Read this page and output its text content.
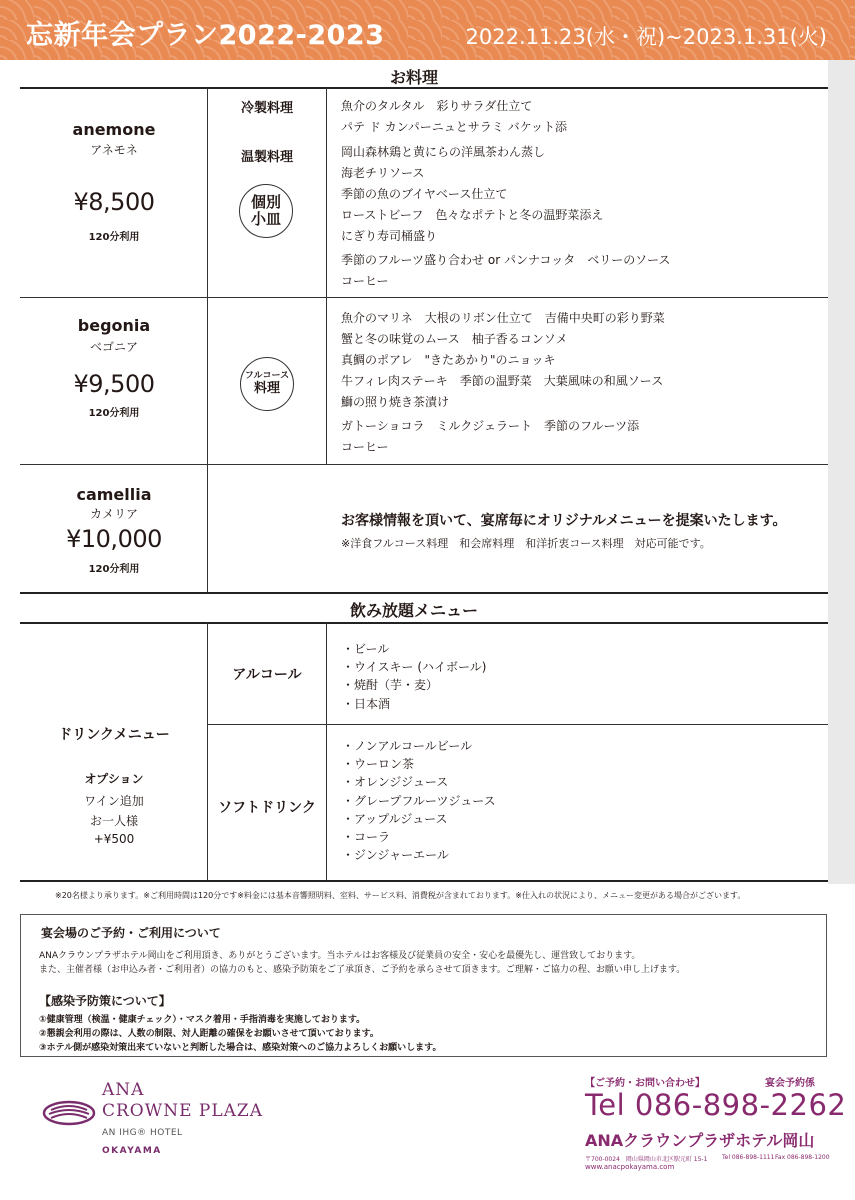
忘新年会プラン2022-2023	2022.11.23(水・祝)~2023.1.31(火)
お料理
anemone
アネモネ
¥8,500
120分利用
冷製料理
温製料理
個別
小皿
魚介のタルタル　彩りサラダ仕立て
パテ ド カンパーニュとサラミ バケット添
岡山森林鶏と黄にらの洋風茶わん蒸し
海老チリソース
季節の魚のブイヤベース仕立て
ローストビーフ　色々なポテトと冬の温野菜添え
にぎり寿司桶盛り
季節のフルーツ盛り合わせ or パンナコッタ　ベリーのソース
コーヒー
begonia
ベゴニア
¥9,500
120分利用
フルコース
料理
魚介のマリネ　大根のリボン仕立て　吉備中央町の彩り野菜
蟹と冬の味覚のムース　柚子香るコンソメ
真鯛のポアレ　"きたあかり"のニョッキ
牛フィレ肉ステーキ　季節の温野菜　大葉風味の和風ソース
鰤の照り焼き茶漬け
ガトーショコラ　ミルクジェラート　季節のフルーツ添
コーヒー
camellia
カメリア
¥10,000
120分利用
お客様情報を頂いて、宴席毎にオリジナルメニューを提案いたします。
※洋食フルコース料理　和会席料理　和洋折衷コース料理　対応可能です。
飲み放題メニュー
ドリンクメニュー
オプション
ワイン追加
お一人様
+¥500
アルコール
ソフトドリンク
・ビール
・ウイスキー (ハイボール)
・焼酎（芋・麦）
・日本酒
・ノンアルコールビール
・ウーロン茶
・オレンジジュース
・グレープフルーツジュース
・アップルジュース
・コーラ
・ジンジャーエール
※20名様より承ります。※ご利用時間は120分です※料金には基本音響照明料、室料、サービス料、消費税が含まれております。※仕入れの状況により、メニュー変更がある場合がございます。
宴会場のご予約・ご利用について
ANAクラウンプラザホテル岡山をご利用頂き、ありがとうございます。当ホテルはお客様及び従業員の安全・安心を最優先し、運営致しております。
また、主催者様（お申込み者・ご利用者）の協力のもと、感染予防策をご了承頂き、ご予約を承らさせて頂きます。ご理解・ご協力の程、お願い申し上げます。
【感染予防策について】
①健康管理（検温・健康チェック）・マスク着用・手指消毒を実施しております。
②懇親会利用の際は、人数の制限、対人距離の確保をお願いさせて頂いております。
③ホテル側が感染対策出来ていないと判断した場合は、感染対策へのご協力よろしくお願いします。
ANA
CROWNE PLAZA
AN IHG® HOTEL
OKAYAMA
【ご予約・お問い合わせ】	宴会予約係
Tel 086-898-2262
ANAクラウンプラザホテル岡山
〒700-0024　岡山県岡山市北区駅元町 15-1 Tel 086-898-1111 Fax 086-898-1200
www.anacpokayama.com
